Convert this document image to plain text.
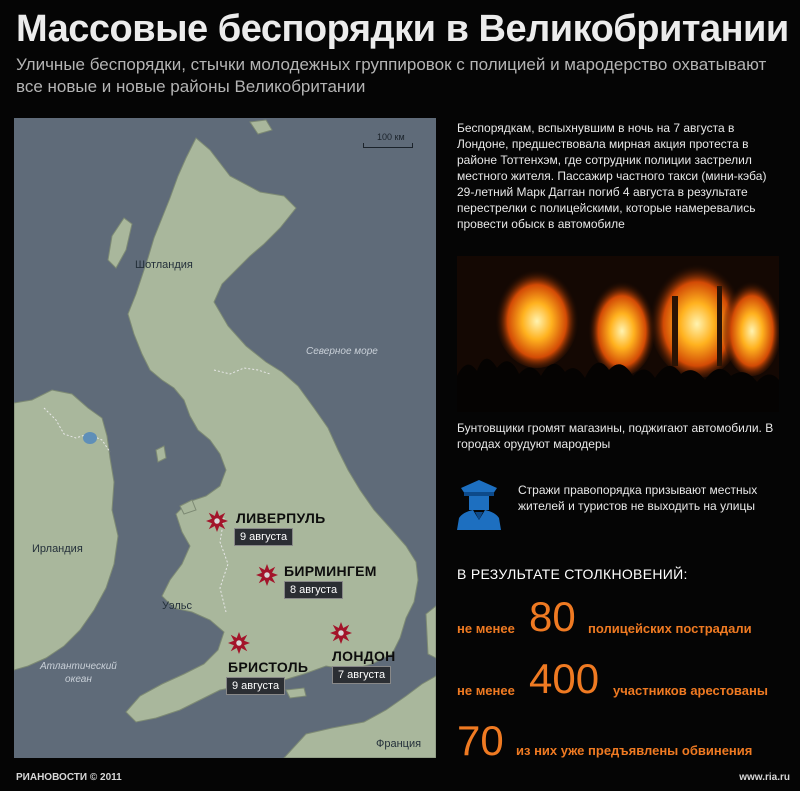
Массовые беспорядки в Великобритании
Уличные беспорядки, стычки молодежных группировок с полицией и мародерство охватывают все новые и новые районы Великобритании
100 км
Шотландия
Ирландия
Уэльс
Франция
Северное море
Атлантический
океан
ЛИВЕРПУЛЬ
9 августа
БИРМИНГЕМ
8 августа
БРИСТОЛЬ
9 августа
ЛОНДОН
7 августа
Беспорядкам, вспыхнувшим в ночь на 7 августа в Лондоне, предшествовала мирная акция протеста в районе Тоттенхэм, где сотрудник полиции застрелил местного жителя. Пассажир частного такси (мини-кэба) 29-летний Марк Дагган погиб 4 августа в результате перестрелки с полицейскими, которые намеревались провести обыск в автомобиле
Бунтовщики громят магазины, поджигают автомобили. В городах орудуют мародеры
Стражи правопорядка призывают местных жителей и туристов не выходить на улицы
В РЕЗУЛЬТАТЕ СТОЛКНОВЕНИЙ:
не менее 80 полицейских пострадали
не менее 400 участников арестованы
70 из них уже предъявлены обвинения
РИАНОВОСТИ © 2011	www.ria.ru
